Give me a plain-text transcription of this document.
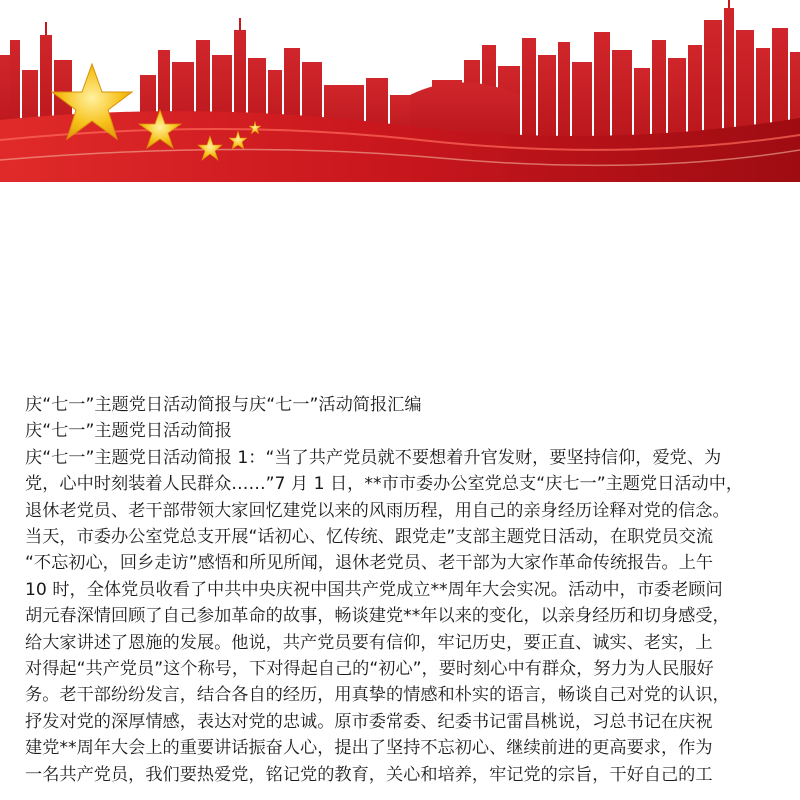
庆“七一”主题党日活动简报与庆“七一”活动简报汇编
庆“七一”主题党日活动简报
庆“七一”主题党日活动简报 1：“当了共产党员就不要想着升官发财，要坚持信仰，爱党、为
党，心中时刻装着人民群众……”7 月 1 日，**市市委办公室党总支“庆七一”主题党日活动中，
退休老党员、老干部带领大家回忆建党以来的风雨历程，用自己的亲身经历诠释对党的信念。
当天，市委办公室党总支开展“话初心、忆传统、跟党走”支部主题党日活动，在职党员交流
“不忘初心，回乡走访”感悟和所见所闻，退休老党员、老干部为大家作革命传统报告。上午
10 时，全体党员收看了中共中央庆祝中国共产党成立**周年大会实况。活动中，市委老顾问
胡元春深情回顾了自己参加革命的故事，畅谈建党**年以来的变化，以亲身经历和切身感受，
给大家讲述了恩施的发展。他说，共产党员要有信仰，牢记历史，要正直、诚实、老实，上
对得起“共产党员”这个称号，下对得起自己的“初心”，要时刻心中有群众，努力为人民服好
务。老干部纷纷发言，结合各自的经历，用真挚的情感和朴实的语言，畅谈自己对党的认识，
抒发对党的深厚情感，表达对党的忠诚。原市委常委、纪委书记雷昌桃说，习总书记在庆祝
建党**周年大会上的重要讲话振奋人心，提出了坚持不忘初心、继续前进的更高要求，作为
一名共产党员，我们要热爱党，铭记党的教育，关心和培养，牢记党的宗旨，干好自己的工
